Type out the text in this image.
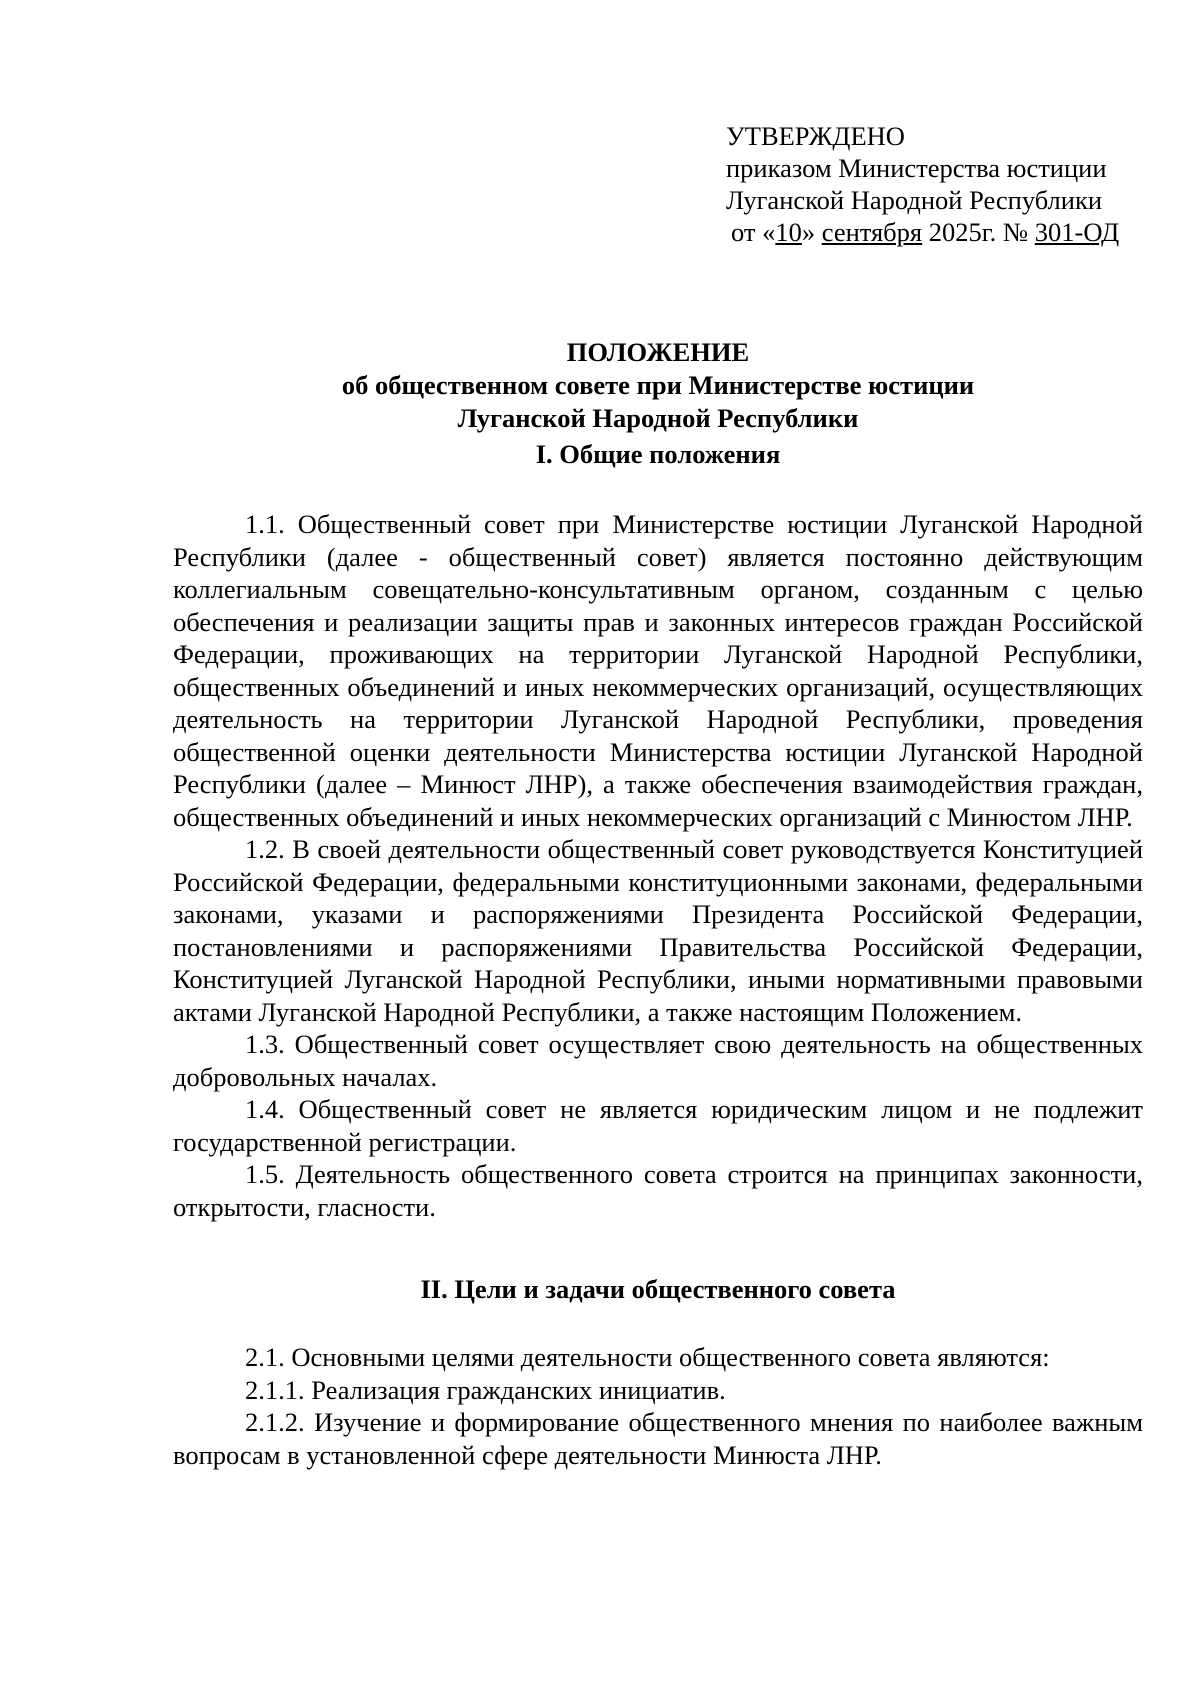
УТВЕРЖДЕНО
приказом Министерства юстиции
Луганской Народной Республики
от «10» сентября 2025г. № 301-ОД
ПОЛОЖЕНИЕ
об общественном совете при Министерстве юстиции
Луганской Народной Республики
I. Общие положения

1.1. Общественный совет при Министерстве юстиции Луганской Народной Республики (далее - общественный совет) является постоянно действующим коллегиальным совещательно-консультативным органом, созданным с целью обеспечения и реализации защиты прав и законных интересов граждан Российской Федерации, проживающих на территории Луганской Народной Республики, общественных объединений и иных некоммерческих организаций, осуществляющих деятельность на территории Луганской Народной Республики, проведения общественной оценки деятельности Министерства юстиции Луганской Народной Республики (далее – Минюст ЛНР), а также обеспечения взаимодействия граждан, общественных объединений и иных некоммерческих организаций с Минюстом ЛНР.

1.2. В своей деятельности общественный совет руководствуется Конституцией Российской Федерации, федеральными конституционными законами, федеральными законами, указами и распоряжениями Президента Российской Федерации, постановлениями и распоряжениями Правительства Российской Федерации, Конституцией Луганской Народной Республики, иными нормативными правовыми актами Луганской Народной Республики, а также настоящим Положением.

1.3. Общественный совет осуществляет свою деятельность на общественных добровольных началах.

1.4. Общественный совет не является юридическим лицом и не подлежит государственной регистрации.

1.5. Деятельность общественного совета строится на принципах законности, открытости, гласности.

II. Цели и задачи общественного совета

2.1. Основными целями деятельности общественного совета являются:

2.1.1. Реализация гражданских инициатив.

2.1.2. Изучение и формирование общественного мнения по наиболее важным вопросам в установленной сфере деятельности Минюста ЛНР.
